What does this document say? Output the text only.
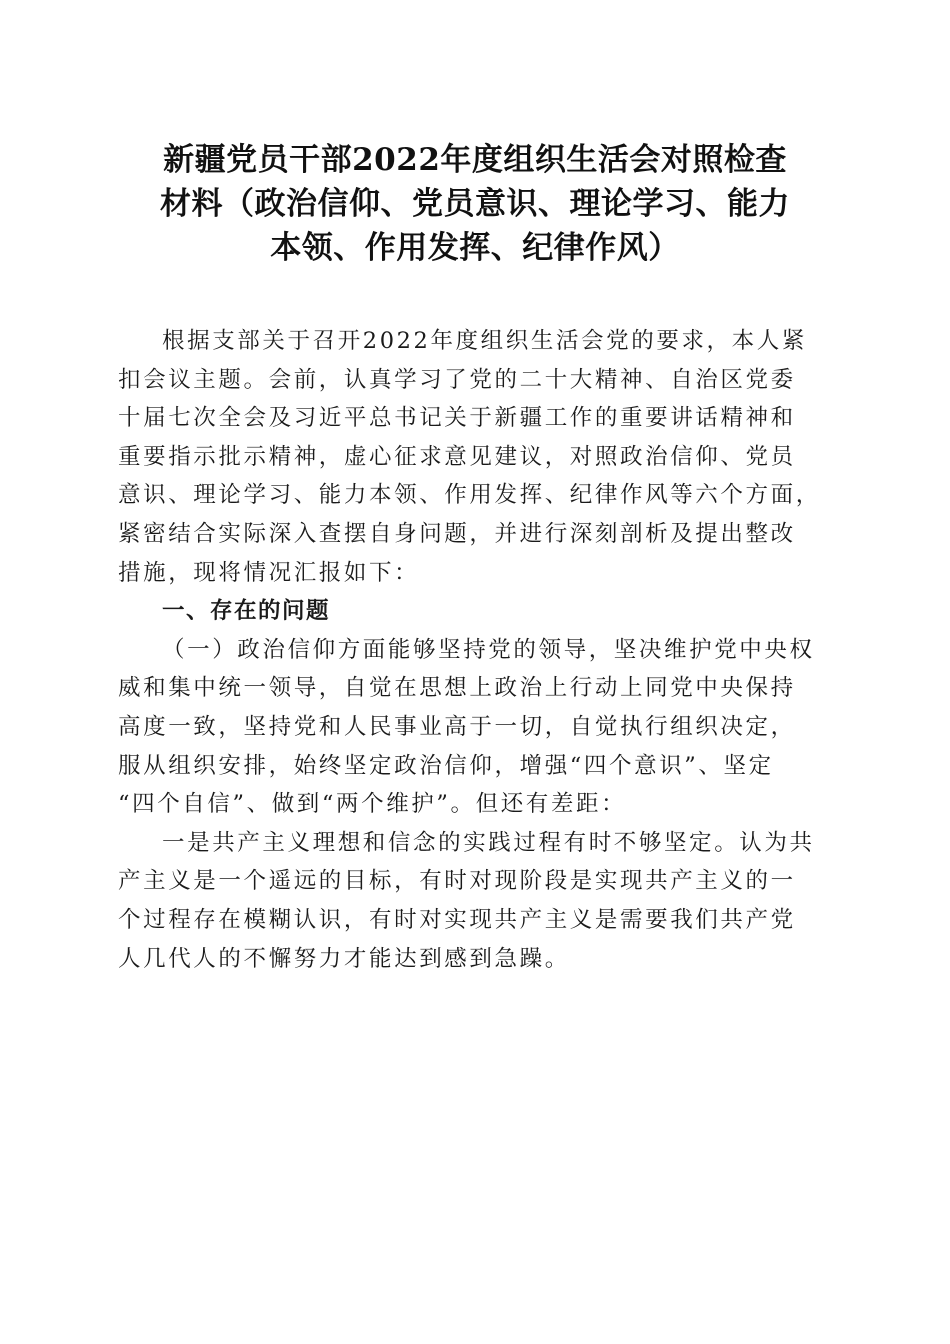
新疆党员干部2022年度组织生活会对照检查
材料（政治信仰、党员意识、理论学习、能力
本领、作用发挥、纪律作风）
根据支部关于召开2022年度组织生活会党的要求，本人紧
扣会议主题。会前，认真学习了党的二十大精神、自治区党委
十届七次全会及习近平总书记关于新疆工作的重要讲话精神和
重要指示批示精神，虚心征求意见建议，对照政治信仰、党员
意识、理论学习、能力本领、作用发挥、纪律作风等六个方面，
紧密结合实际深入查摆自身问题，并进行深刻剖析及提出整改
措施，现将情况汇报如下：
一、存在的问题
（一）政治信仰方面能够坚持党的领导，坚决维护党中央权
威和集中统一领导，自觉在思想上政治上行动上同党中央保持
高度一致，坚持党和人民事业高于一切，自觉执行组织决定，
服从组织安排，始终坚定政治信仰，增强“四个意识”、坚定
“四个自信”、做到“两个维护”。但还有差距：
一是共产主义理想和信念的实践过程有时不够坚定。认为共
产主义是一个遥远的目标，有时对现阶段是实现共产主义的一
个过程存在模糊认识，有时对实现共产主义是需要我们共产党
人几代人的不懈努力才能达到感到急躁。
